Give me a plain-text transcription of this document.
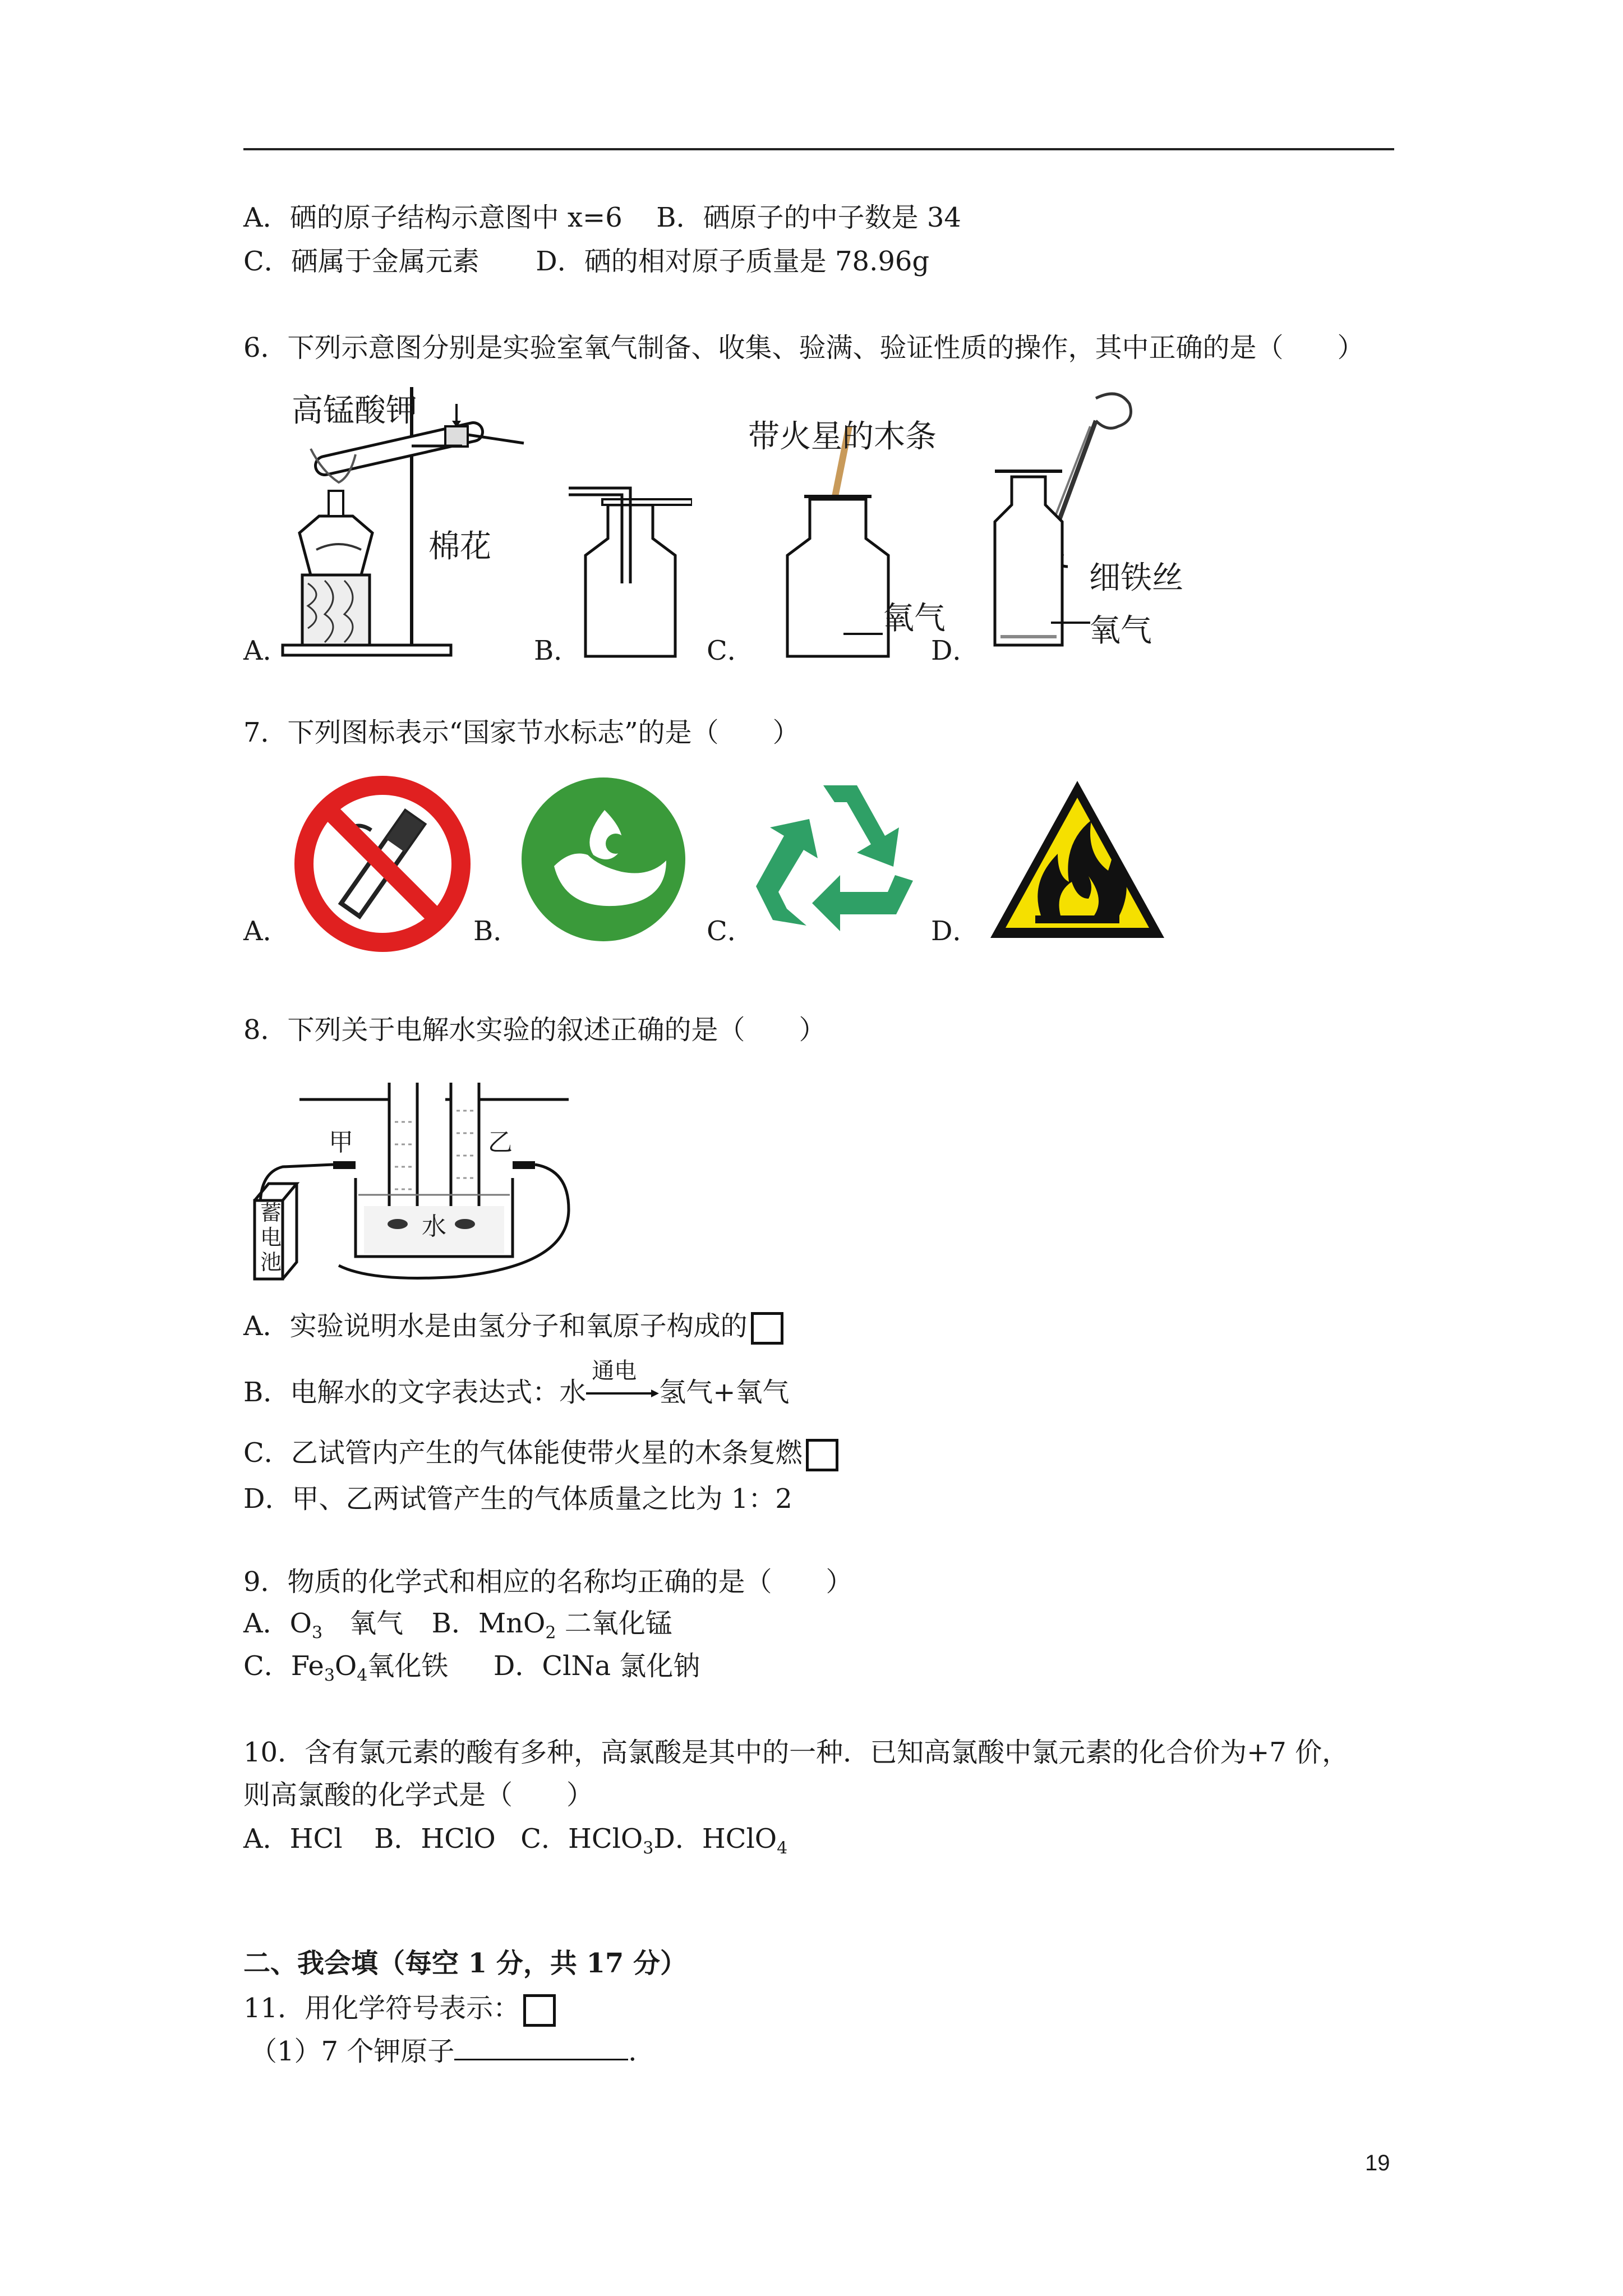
A．硒的原子结构示意图中 x=6 B．硒原子的中子数是 34
C．硒属于金属元素 D．硒的相对原子质量是 78.96g
6．下列示意图分别是实验室氧气制备、收集、验满、验证性质的操作，其中正确的是（　　）
高锰酸钾
棉花
A．	B．
带火星的木条
氧气
C．
细铁丝
氧气
D．
7．下列图标表示“国家节水标志”的是（　　）
A．	B．	C．	D．
8．下列关于电解水实验的叙述正确的是（　　）
甲	乙
水
蓄电池
A．实验说明水是由氢分子和氧原子构成的
B．电解水的文字表达式：水
通电
氢气+氧气
C．乙试管内产生的气体能使带火星的木条复燃
D．甲、乙两试管产生的气体质量之比为 1：2
9．物质的化学式和相应的名称均正确的是（　　）
A．$O_3$　氧气 B．MnO$_2$ 二氧化锰
C．$Fe_3O_4$氧化铁 D．ClNa 氯化钠
10．含有氯元素的酸有多种，高氯酸是其中的一种．已知高氯酸中氯元素的化合价为+7 价，
则高氯酸的化学式是（　　）
A．HCl B．HClO C．HClO$_3$D．HClO$_4$
二、我会填（每空 1 分，共 17 分）
11．用化学符号表示：
（1）7 个钾原子	．
19
